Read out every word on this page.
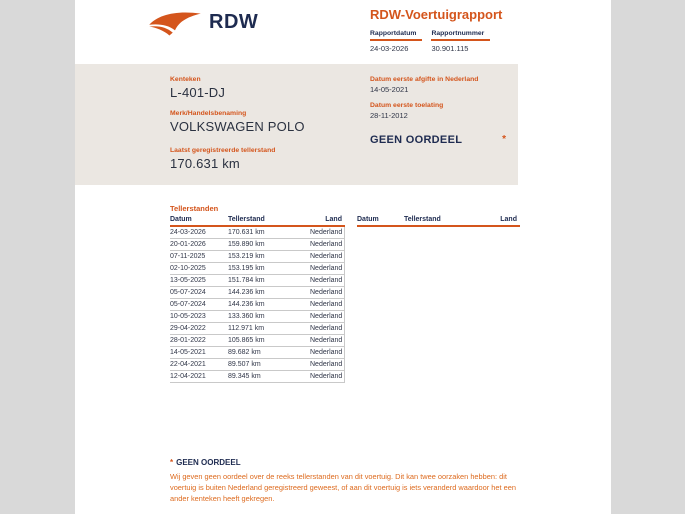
RDW	RDW-Voertuigrapport
Rapportdatum
24-03-2026
Rapportnummer
30.901.115
Kenteken
L-401-DJ
Merk/Handelsbenaming
VOLKSWAGEN POLO
Laatst geregistreerde tellerstand
170.631 km
Datum eerste afgifte in Nederland
14-05-2021
Datum eerste toelating
28-11-2012
GEEN OORDEEL	*
Tellerstanden
Datum	Tellerstand	Land
24-03-2026	170.631 km	Nederland
20-01-2026	159.890 km	Nederland
07-11-2025	153.219 km	Nederland
02-10-2025	153.195 km	Nederland
13-05-2025	151.784 km	Nederland
05-07-2024	144.236 km	Nederland
05-07-2024	144.236 km	Nederland
10-05-2023	133.360 km	Nederland
29-04-2022	112.971 km	Nederland
28-01-2022	105.865 km	Nederland
14-05-2021	89.682 km	Nederland
22-04-2021	89.507 km	Nederland
12-04-2021	89.345 km	Nederland
Datum	Tellerstand	Land
* GEEN OORDEEL

Wij geven geen oordeel over de reeks tellerstanden van dit voertuig. Dit kan twee oorzaken hebben: dit voertuig is buiten Nederland geregistreerd geweest, of aan dit voertuig is iets veranderd waardoor het een ander kenteken heeft gekregen.
